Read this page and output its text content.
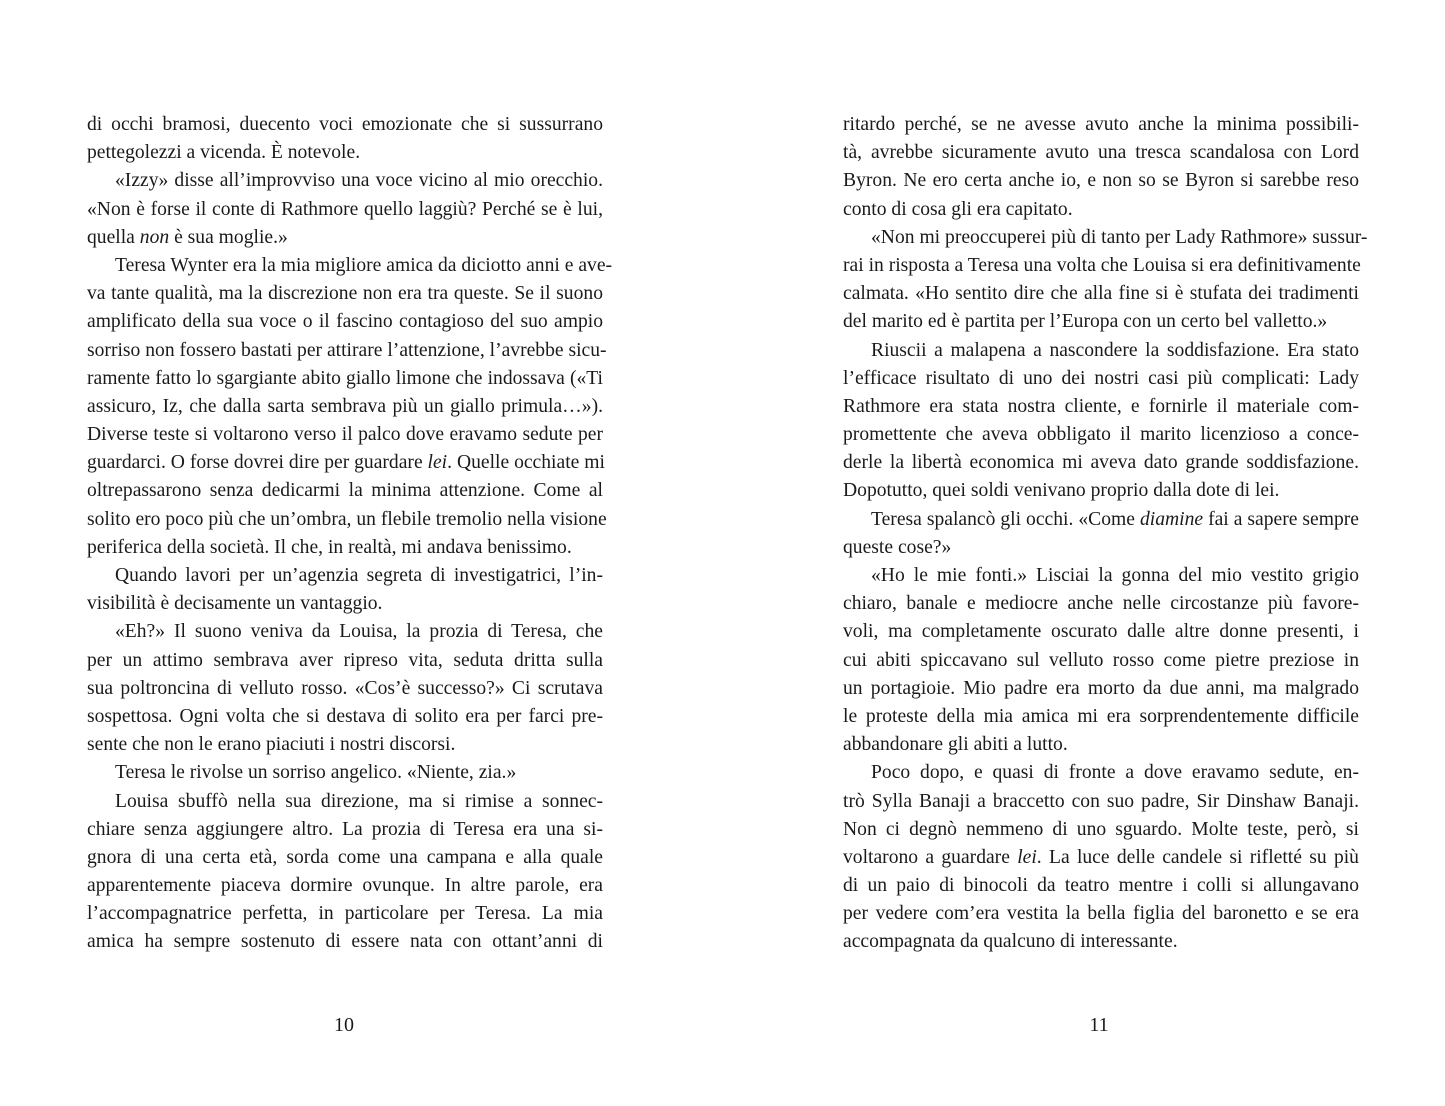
di occhi bramosi, duecento voci emozionate che si sussurrano
pettegolezzi a vicenda. È notevole.
«Izzy» disse all’improvviso una voce vicino al mio orecchio.
«Non è forse il conte di Rathmore quello laggiù? Perché se è lui,
quella non è sua moglie.»
Teresa Wynter era la mia migliore amica da diciotto anni e ave-
va tante qualità, ma la discrezione non era tra queste. Se il suono
amplificato della sua voce o il fascino contagioso del suo ampio
sorriso non fossero bastati per attirare l’attenzione, l’avrebbe sicu-
ramente fatto lo sgargiante abito giallo limone che indossava («Ti
assicuro, Iz, che dalla sarta sembrava più un giallo primula…»).
Diverse teste si voltarono verso il palco dove eravamo sedute per
guardarci. O forse dovrei dire per guardare lei. Quelle occhiate mi
oltrepassarono senza dedicarmi la minima attenzione. Come al
solito ero poco più che un’ombra, un flebile tremolio nella visione
periferica della società. Il che, in realtà, mi andava benissimo.
Quando lavori per un’agenzia segreta di investigatrici, l’in-
visibilità è decisamente un vantaggio.
«Eh?» Il suono veniva da Louisa, la prozia di Teresa, che
per un attimo sembrava aver ripreso vita, seduta dritta sulla
sua poltroncina di velluto rosso. «Cos’è successo?» Ci scrutava
sospettosa. Ogni volta che si destava di solito era per farci pre-
sente che non le erano piaciuti i nostri discorsi.
Teresa le rivolse un sorriso angelico. «Niente, zia.»
Louisa sbuffò nella sua direzione, ma si rimise a sonnec-
chiare senza aggiungere altro. La prozia di Teresa era una si-
gnora di una certa età, sorda come una campana e alla quale
apparentemente piaceva dormire ovunque. In altre parole, era
l’accompagnatrice perfetta, in particolare per Teresa. La mia
amica ha sempre sostenuto di essere nata con ottant’anni di
10
ritardo perché, se ne avesse avuto anche la minima possibili-
tà, avrebbe sicuramente avuto una tresca scandalosa con Lord
Byron. Ne ero certa anche io, e non so se Byron si sarebbe reso
conto di cosa gli era capitato.
«Non mi preoccuperei più di tanto per Lady Rathmore» sussur-
rai in risposta a Teresa una volta che Louisa si era definitivamente
calmata. «Ho sentito dire che alla fine si è stufata dei tradimenti
del marito ed è partita per l’Europa con un certo bel valletto.»
Riuscii a malapena a nascondere la soddisfazione. Era stato
l’efficace risultato di uno dei nostri casi più complicati: Lady
Rathmore era stata nostra cliente, e fornirle il materiale com-
promettente che aveva obbligato il marito licenzioso a conce-
derle la libertà economica mi aveva dato grande soddisfazione.
Dopotutto, quei soldi venivano proprio dalla dote di lei.
Teresa spalancò gli occhi. «Come diamine fai a sapere sempre
queste cose?»
«Ho le mie fonti.» Lisciai la gonna del mio vestito grigio
chiaro, banale e mediocre anche nelle circostanze più favore-
voli, ma completamente oscurato dalle altre donne presenti, i
cui abiti spiccavano sul velluto rosso come pietre preziose in
un portagioie. Mio padre era morto da due anni, ma malgrado
le proteste della mia amica mi era sorprendentemente difficile
abbandonare gli abiti a lutto.
Poco dopo, e quasi di fronte a dove eravamo sedute, en-
trò Sylla Banaji a braccetto con suo padre, Sir Dinshaw Banaji.
Non ci degnò nemmeno di uno sguardo. Molte teste, però, si
voltarono a guardare lei. La luce delle candele si rifletté su più
di un paio di binocoli da teatro mentre i colli si allungavano
per vedere com’era vestita la bella figlia del baronetto e se era
accompagnata da qualcuno di interessante.
11
